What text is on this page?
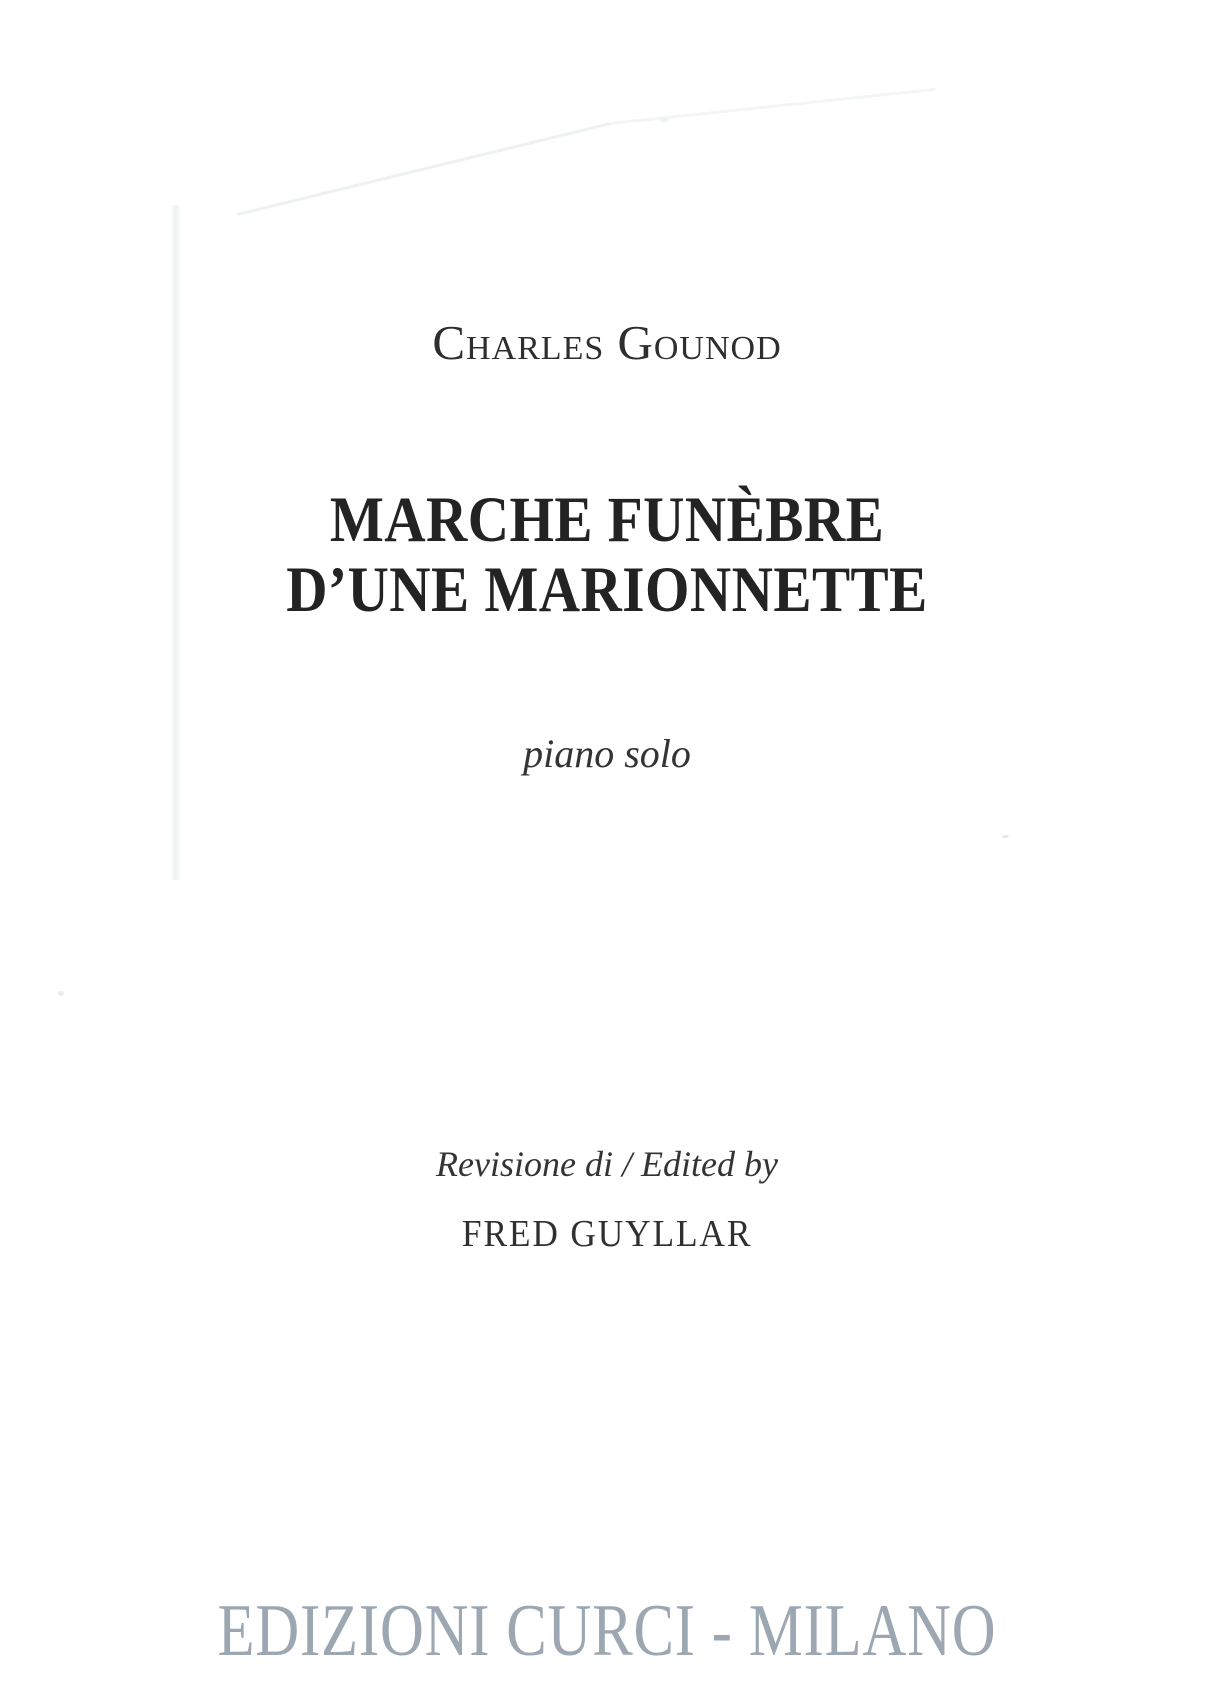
Charles Gounod
MARCHE FUNÈBRE
D’UNE MARIONNETTE
piano solo
Revisione di / Edited by
FRED GUYLLAR
EDIZIONI CURCI - MILANO
